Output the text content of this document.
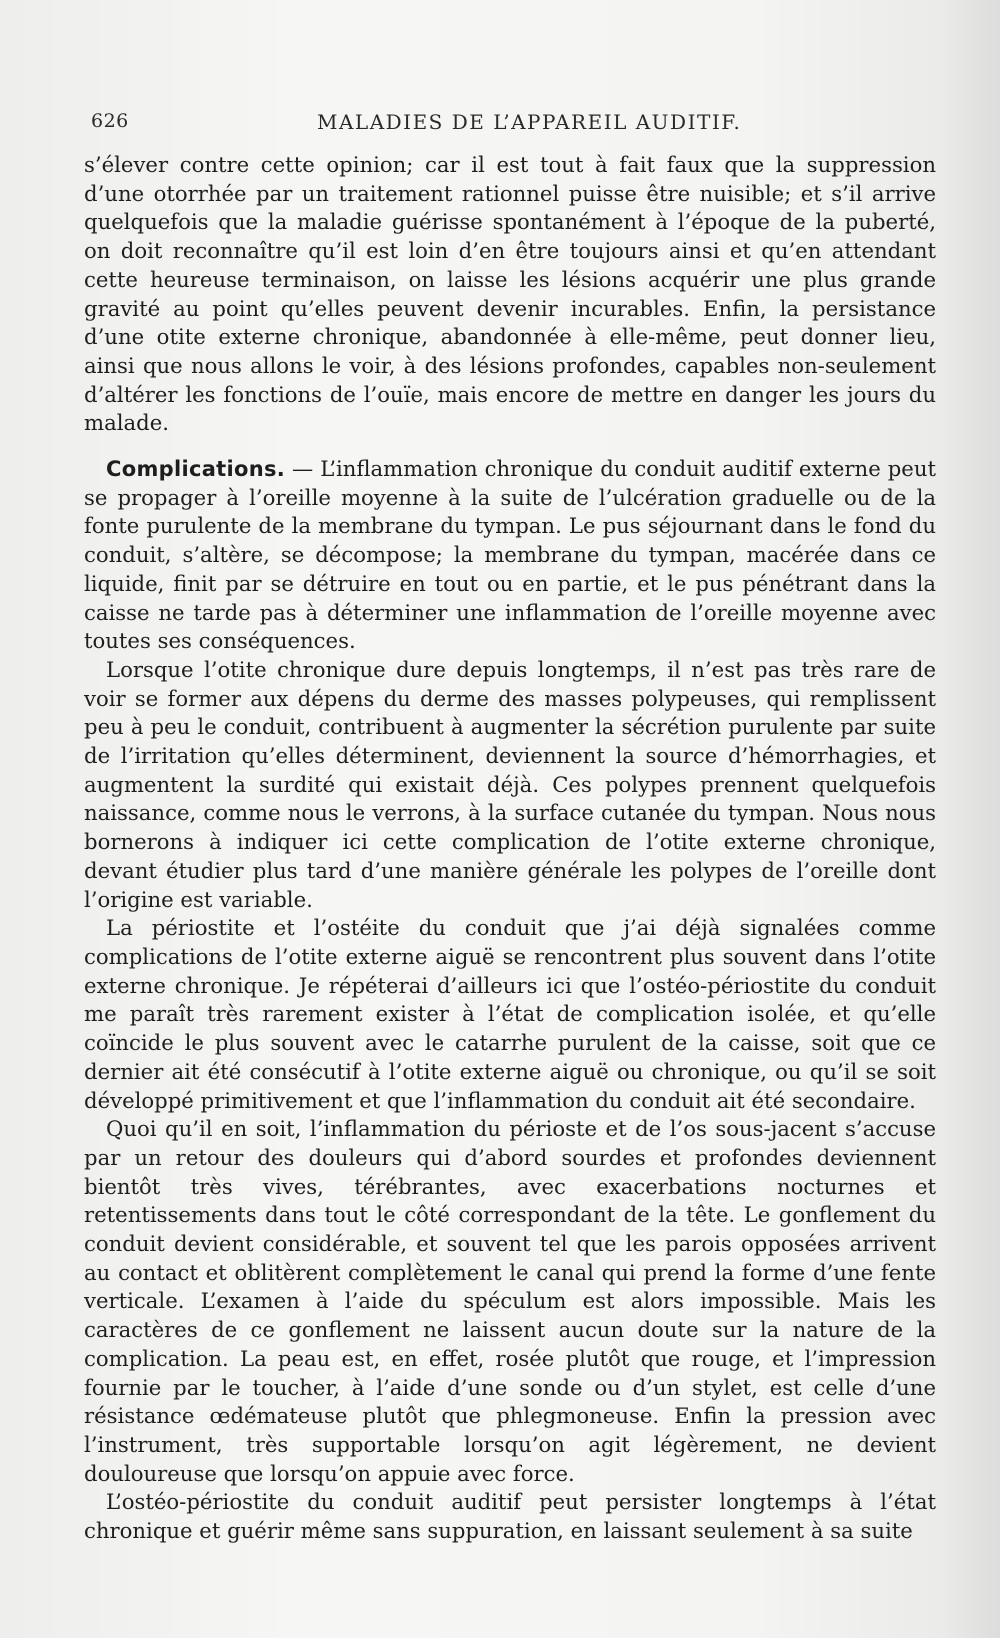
626	MALADIES DE L’APPAREIL AUDITIF.

s’élever contre cette opinion; car il est tout à fait faux que la suppression d’une otorrhée par un traitement rationnel puisse être nuisible; et s’il arrive quelquefois que la maladie guérisse spontanément à l’époque de la puberté, on doit reconnaître qu’il est loin d’en être toujours ainsi et qu’en attendant cette heureuse terminaison, on laisse les lésions acquérir une plus grande gravité au point qu’elles peuvent devenir incurables. Enfin, la persistance d’une otite externe chronique, abandonnée à elle-même, peut donner lieu, ainsi que nous allons le voir, à des lésions profondes, capables non-seulement d’altérer les fonctions de l’ouïe, mais encore de mettre en danger les jours du malade.

Complications. — L’inflammation chronique du conduit auditif externe peut se propager à l’oreille moyenne à la suite de l’ulcération graduelle ou de la fonte purulente de la membrane du tympan. Le pus séjournant dans le fond du conduit, s’altère, se décompose; la membrane du tympan, macérée dans ce liquide, finit par se détruire en tout ou en partie, et le pus pénétrant dans la caisse ne tarde pas à déterminer une inflammation de l’oreille moyenne avec toutes ses conséquences.

Lorsque l’otite chronique dure depuis longtemps, il n’est pas très rare de voir se former aux dépens du derme des masses polypeuses, qui remplissent peu à peu le conduit, contribuent à augmenter la sécrétion purulente par suite de l’irritation qu’elles déterminent, deviennent la source d’hémorrhagies, et augmentent la surdité qui existait déjà. Ces polypes prennent quelquefois naissance, comme nous le verrons, à la surface cutanée du tympan. Nous nous bornerons à indiquer ici cette complication de l’otite externe chronique, devant étudier plus tard d’une manière générale les polypes de l’oreille dont l’origine est variable.

La périostite et l’ostéite du conduit que j’ai déjà signalées comme complications de l’otite externe aiguë se rencontrent plus souvent dans l’otite externe chronique. Je répéterai d’ailleurs ici que l’ostéo-périostite du conduit me paraît très rarement exister à l’état de complication isolée, et qu’elle coïncide le plus souvent avec le catarrhe purulent de la caisse, soit que ce dernier ait été consécutif à l’otite externe aiguë ou chronique, ou qu’il se soit développé primitivement et que l’inflammation du conduit ait été secondaire.

Quoi qu’il en soit, l’inflammation du périoste et de l’os sous-jacent s’accuse par un retour des douleurs qui d’abord sourdes et profondes deviennent bientôt très vives, térébrantes, avec exacerbations nocturnes et retentissements dans tout le côté correspondant de la tête. Le gonflement du conduit devient considérable, et souvent tel que les parois opposées arrivent au contact et oblitèrent complètement le canal qui prend la forme d’une fente verticale. L’examen à l’aide du spéculum est alors impossible. Mais les caractères de ce gonflement ne laissent aucun doute sur la nature de la complication. La peau est, en effet, rosée plutôt que rouge, et l’impression fournie par le toucher, à l’aide d’une sonde ou d’un stylet, est celle d’une résistance œdémateuse plutôt que phlegmoneuse. Enfin la pression avec l’instrument, très supportable lorsqu’on agit légèrement, ne devient douloureuse que lorsqu’on appuie avec force.

L’ostéo-périostite du conduit auditif peut persister longtemps à l’état chronique et guérir même sans suppuration, en laissant seulement à sa suite
